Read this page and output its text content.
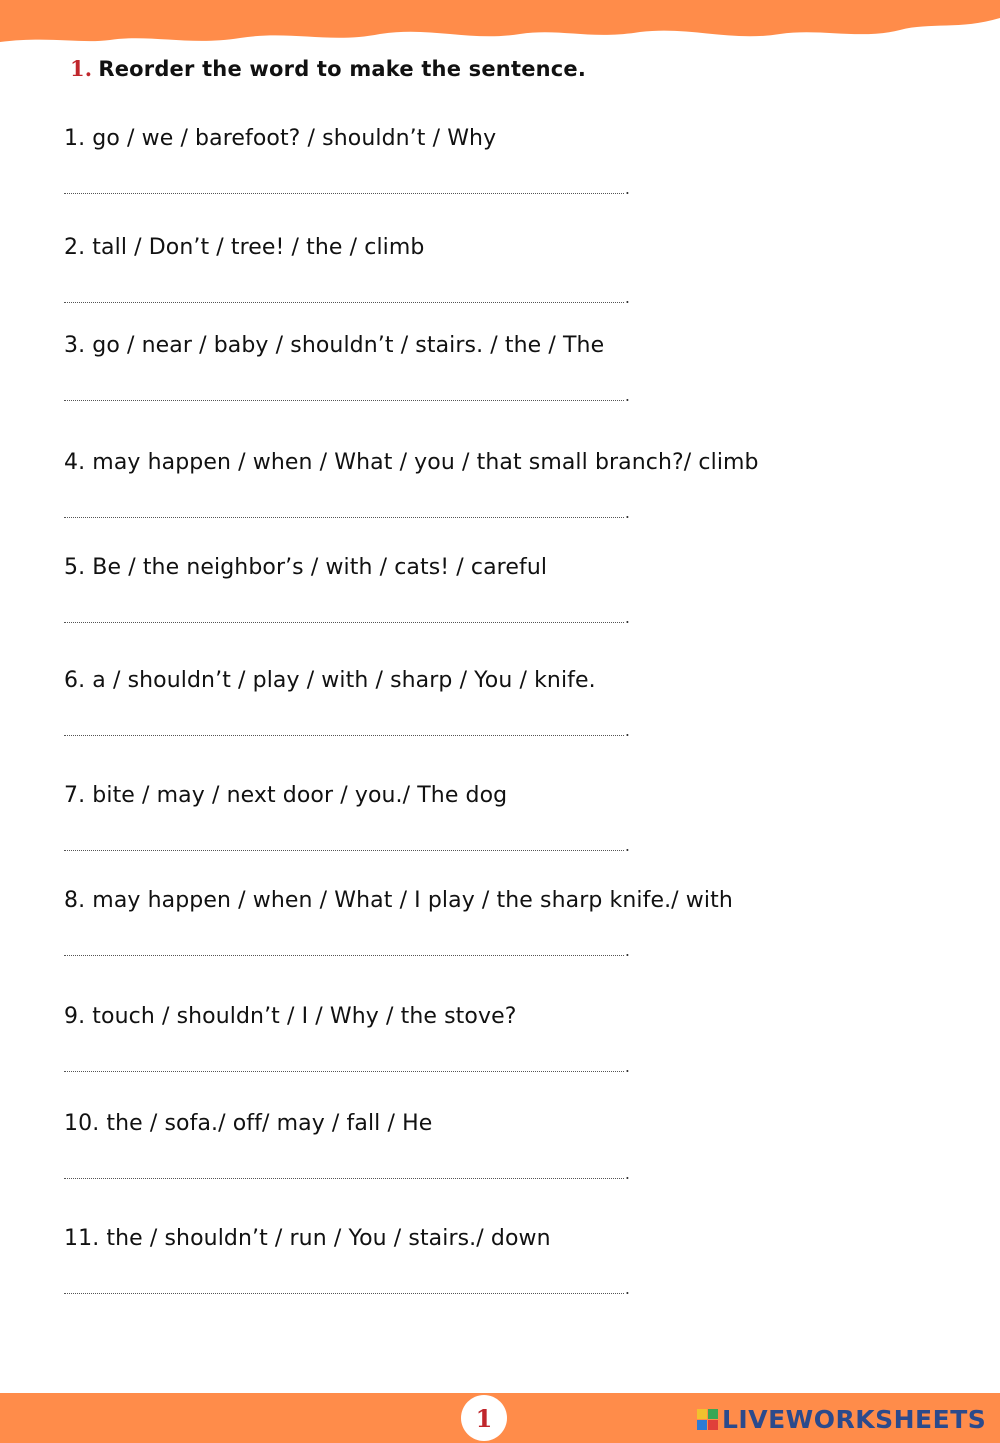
1. Reorder the word to make the sentence.
1. go / we / barefoot? / shouldn’t / Why
.
2. tall / Don’t / tree! / the / climb
.
3. go / near / baby / shouldn’t / stairs. / the / The
.
4. may happen / when / What / you / that small branch?/ climb
.
5. Be / the neighbor’s / with / cats! / careful
.
6. a / shouldn’t / play / with / sharp / You / knife.
.
7. bite / may / next door / you./ The dog
.
8. may happen / when / What / I play / the sharp knife./ with
.
9. touch / shouldn’t / I / Why / the stove?
.
10. the / sofa./ off/ may / fall / He
.
11. the / shouldn’t / run / You / stairs./ down
.
1	LIVEWORKSHEETS
